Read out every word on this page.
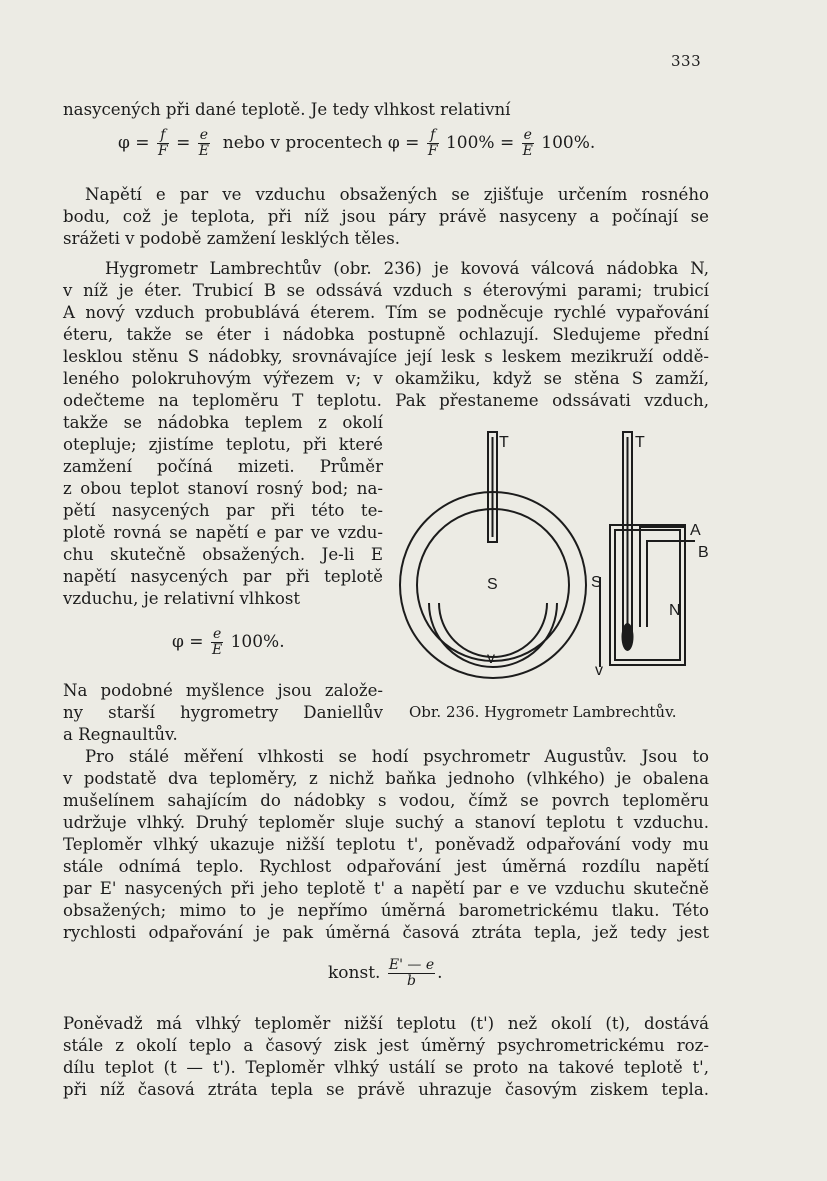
333
nasycených při dané teplotě. Je tedy vlhkost relativní
$\varphi = \frac{f}{F} = \frac{e}{E}$ nebo v procentech $\varphi = \frac{f}{F} 100\% = \frac{e}{E} 100\%$.
Napětí e par ve vzduchu obsažených se zjišťuje určením rosného
bodu, což je teplota, při níž jsou páry právě nasyceny a počínají se
srážeti v podobě zamžení lesklých těles.
Hygrometr Lambrechtův (obr. 236) je kovová válcová nádobka N,
v níž je éter. Trubicí B se odssává vzduch s éterovými parami; trubicí
A nový vzduch probublává éterem. Tím se podněcuje rychlé vypařování
éteru, takže se éter i nádobka postupně ochlazují. Sledujeme přední
lesklou stěnu S nádobky, srovnávajíce její lesk s leskem mezikruží oddě-
leného polokruhovým výřezem v; v okamžiku, když se stěna S zamží,
odečteme na teploměru T teplotu. Pak přestaneme odssávati vzduch,
takže se nádobka teplem z okolí
otepluje; zjistíme teplotu, při které
zamžení počíná mizeti. Průměr
z obou teplot stanoví rosný bod; na-
pětí nasycených par při této te-
plotě rovná se napětí e par ve vzdu-
chu skutečně obsažených. Je-li E
napětí nasycených par při teplotě
vzduchu, je relativní vlhkost
$\varphi = \frac{e}{E} 100\%$.
Na podobné myšlence jsou založe-
ny starší hygrometry Daniellův
a Regnaultův.
T	T
S	S
v
v
A
B
N
Obr. 236. Hygrometr Lambrechtův.
Pro stálé měření vlhkosti se hodí psychrometr Augustův. Jsou to
v podstatě dva teploměry, z nichž baňka jednoho (vlhkého) je obalena
mušelínem sahajícím do nádobky s vodou, čímž se povrch teploměru
udržuje vlhký. Druhý teploměr sluje suchý a stanoví teplotu t vzduchu.
Teploměr vlhký ukazuje nižší teplotu t', poněvadž odpařování vody mu
stále odnímá teplo. Rychlost odpařování jest úměrná rozdílu napětí
par E' nasycených při jeho teplotě t' a napětí par e ve vzduchu skutečně
obsažených; mimo to je nepřímo úměrná barometrickému tlaku. Této
rychlosti odpařování je pak úměrná časová ztráta tepla, jež tedy jest
konst. $\frac{E' — e}{b}$ .
Poněvadž má vlhký teploměr nižší teplotu (t') než okolí (t), dostává
stále z okolí teplo a časový zisk jest úměrný psychrometrickému roz-
dílu teplot (t — t'). Teploměr vlhký ustálí se proto na takové teplotě t',
při níž časová ztráta tepla se právě uhrazuje časovým ziskem tepla.
